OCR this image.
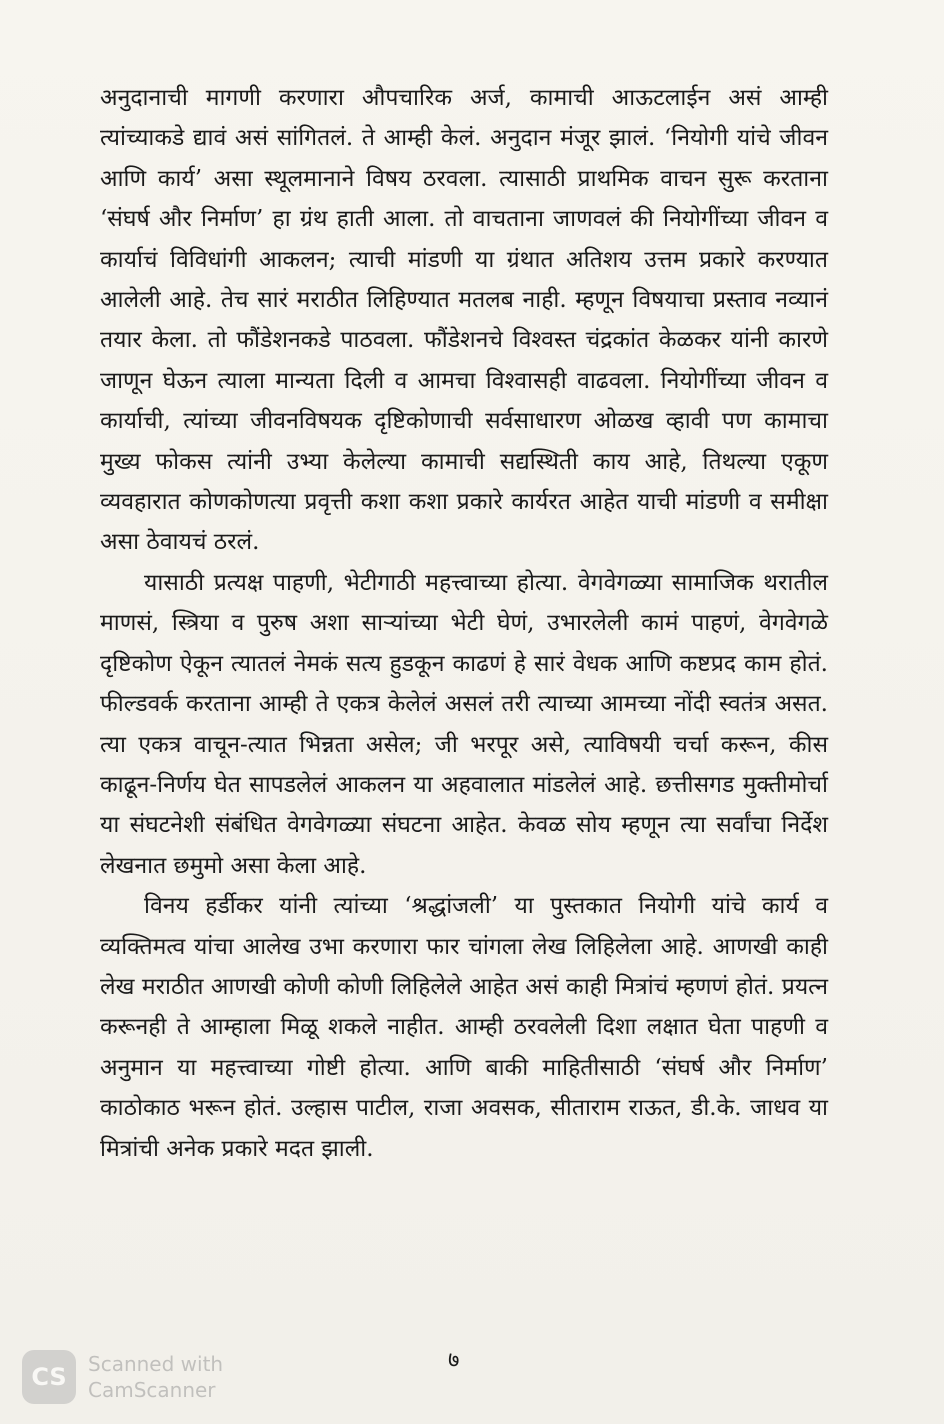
अनुदानाची मागणी करणारा औपचारिक अर्ज, कामाची आऊटलाईन असं आम्ही त्यांच्याकडे द्यावं असं सांगितलं. ते आम्ही केलं. अनुदान मंजूर झालं. ‘नियोगी यांचे जीवन आणि कार्य’ असा स्थूलमानाने विषय ठरवला. त्यासाठी प्राथमिक वाचन सुरू करताना ‘संघर्ष और निर्माण’ हा ग्रंथ हाती आला. तो वाचताना जाणवलं की नियोगींच्या जीवन व कार्याचं विविधांगी आकलन; त्याची मांडणी या ग्रंथात अतिशय उत्तम प्रकारे करण्यात आलेली आहे. तेच सारं मराठीत लिहिण्यात मतलब नाही. म्हणून विषयाचा प्रस्ताव नव्यानं तयार केला. तो फौंडेशनकडे पाठवला. फौंडेशनचे विश्वस्त चंद्रकांत केळकर यांनी कारणे जाणून घेऊन त्याला मान्यता दिली व आमचा विश्वासही वाढवला. नियोगींच्या जीवन व कार्याची, त्यांच्या जीवनविषयक दृष्टिकोणाची सर्वसाधारण ओळख व्हावी पण कामाचा मुख्य फोकस त्यांनी उभ्या केलेल्या कामाची सद्यस्थिती काय आहे, तिथल्या एकूण व्यवहारात कोणकोणत्या प्रवृत्ती कशा कशा प्रकारे कार्यरत आहेत याची मांडणी व समीक्षा असा ठेवायचं ठरलं.

यासाठी प्रत्यक्ष पाहणी, भेटीगाठी महत्त्वाच्या होत्या. वेगवेगळ्या सामाजिक थरातील माणसं, स्त्रिया व पुरुष अशा साऱ्यांच्या भेटी घेणं, उभारलेली कामं पाहणं, वेगवेगळे दृष्टिकोण ऐकून त्यातलं नेमकं सत्य हुडकून काढणं हे सारं वेधक आणि कष्टप्रद काम होतं. फील्डवर्क करताना आम्ही ते एकत्र केलेलं असलं तरी त्याच्या आमच्या नोंदी स्वतंत्र असत. त्या एकत्र वाचून-त्यात भिन्नता असेल; जी भरपूर असे, त्याविषयी चर्चा करून, कीस काढून-निर्णय घेत सापडलेलं आकलन या अहवालात मांडलेलं आहे. छत्तीसगड मुक्तीमोर्चा या संघटनेशी संबंधित वेगवेगळ्या संघटना आहेत. केवळ सोय म्हणून त्या सर्वांचा निर्देश लेखनात छमुमो असा केला आहे.

विनय हर्डीकर यांनी त्यांच्या ‘श्रद्धांजली’ या पुस्तकात नियोगी यांचे कार्य व व्यक्तिमत्व यांचा आलेख उभा करणारा फार चांगला लेख लिहिलेला आहे. आणखी काही लेख मराठीत आणखी कोणी कोणी लिहिलेले आहेत असं काही मित्रांचं म्हणणं होतं. प्रयत्न करूनही ते आम्हाला मिळू शकले नाहीत. आम्ही ठरवलेली दिशा लक्षात घेता पाहणी व अनुमान या महत्त्वाच्या गोष्टी होत्या. आणि बाकी माहितीसाठी ‘संघर्ष और निर्माण’ काठोकाठ भरून होतं. उल्हास पाटील, राजा अवसक, सीताराम राऊत, डी.के. जाधव या मित्रांची अनेक प्रकारे मदत झाली.

७
CS	Scanned with
CamScanner
